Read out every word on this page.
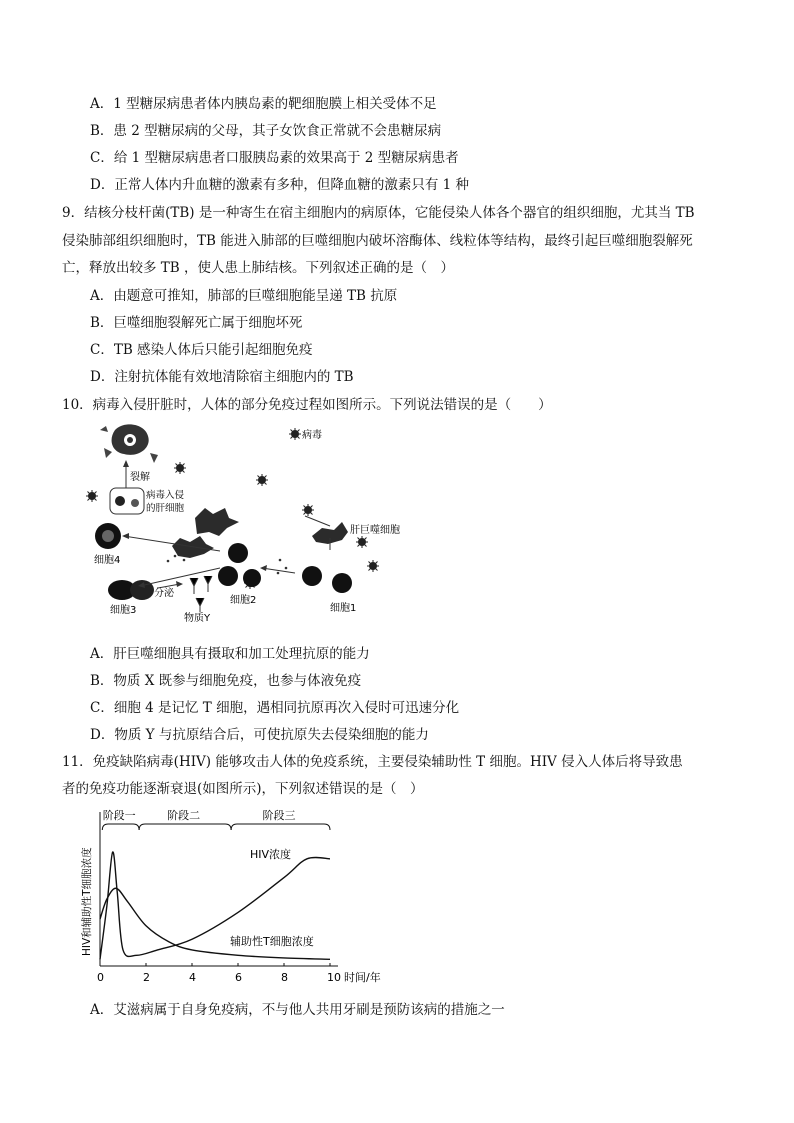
A．1 型糖尿病患者体内胰岛素的靶细胞膜上相关受体不足
B．患 2 型糖尿病的父母，其子女饮食正常就不会患糖尿病
C．给 1 型糖尿病患者口服胰岛素的效果高于 2 型糖尿病患者
D．正常人体内升血糖的激素有多种，但降血糖的激素只有 1 种
9．结核分枝杆菌(TB) 是一种寄生在宿主细胞内的病原体，它能侵染人体各个器官的组织细胞，尤其当 TB
侵染肺部组织细胞时，TB 能进入肺部的巨噬细胞内破坏溶酶体、线粒体等结构，最终引起巨噬细胞裂解死
亡，释放出较多 TB ，使人患上肺结核。下列叙述正确的是（　）
A．由题意可推知，肺部的巨噬细胞能呈递 TB 抗原
B．巨噬细胞裂解死亡属于细胞坏死
C．TB 感染人体后只能引起细胞免疫
D．注射抗体能有效地清除宿主细胞内的 TB
10．病毒入侵肝脏时，人体的部分免疫过程如图所示。下列说法错误的是（　　）
裂解
病毒入侵
的肝细胞
病毒
肝巨噬细胞
细胞4
细胞2
细胞1
细胞3
分泌
物质Y
A．肝巨噬细胞具有摄取和加工处理抗原的能力
B．物质 X 既参与细胞免疫，也参与体液免疫
C．细胞 4 是记忆 T 细胞，遇相同抗原再次入侵时可迅速分化
D．物质 Y 与抗原结合后，可使抗原失去侵染细胞的能力
11．免疫缺陷病毒(HIV) 能够攻击人体的免疫系统，主要侵染辅助性 T 细胞。HIV 侵入人体后将导致患
者的免疫功能逐渐衰退(如图所示)，下列叙述错误的是（　）
HIV和辅助性T细胞浓度
时间/年
0	2	4	6	8	10
阶段一	阶段二	阶段三
HIV浓度
辅助性T细胞浓度
A．艾滋病属于自身免疫病，不与他人共用牙刷是预防该病的措施之一
